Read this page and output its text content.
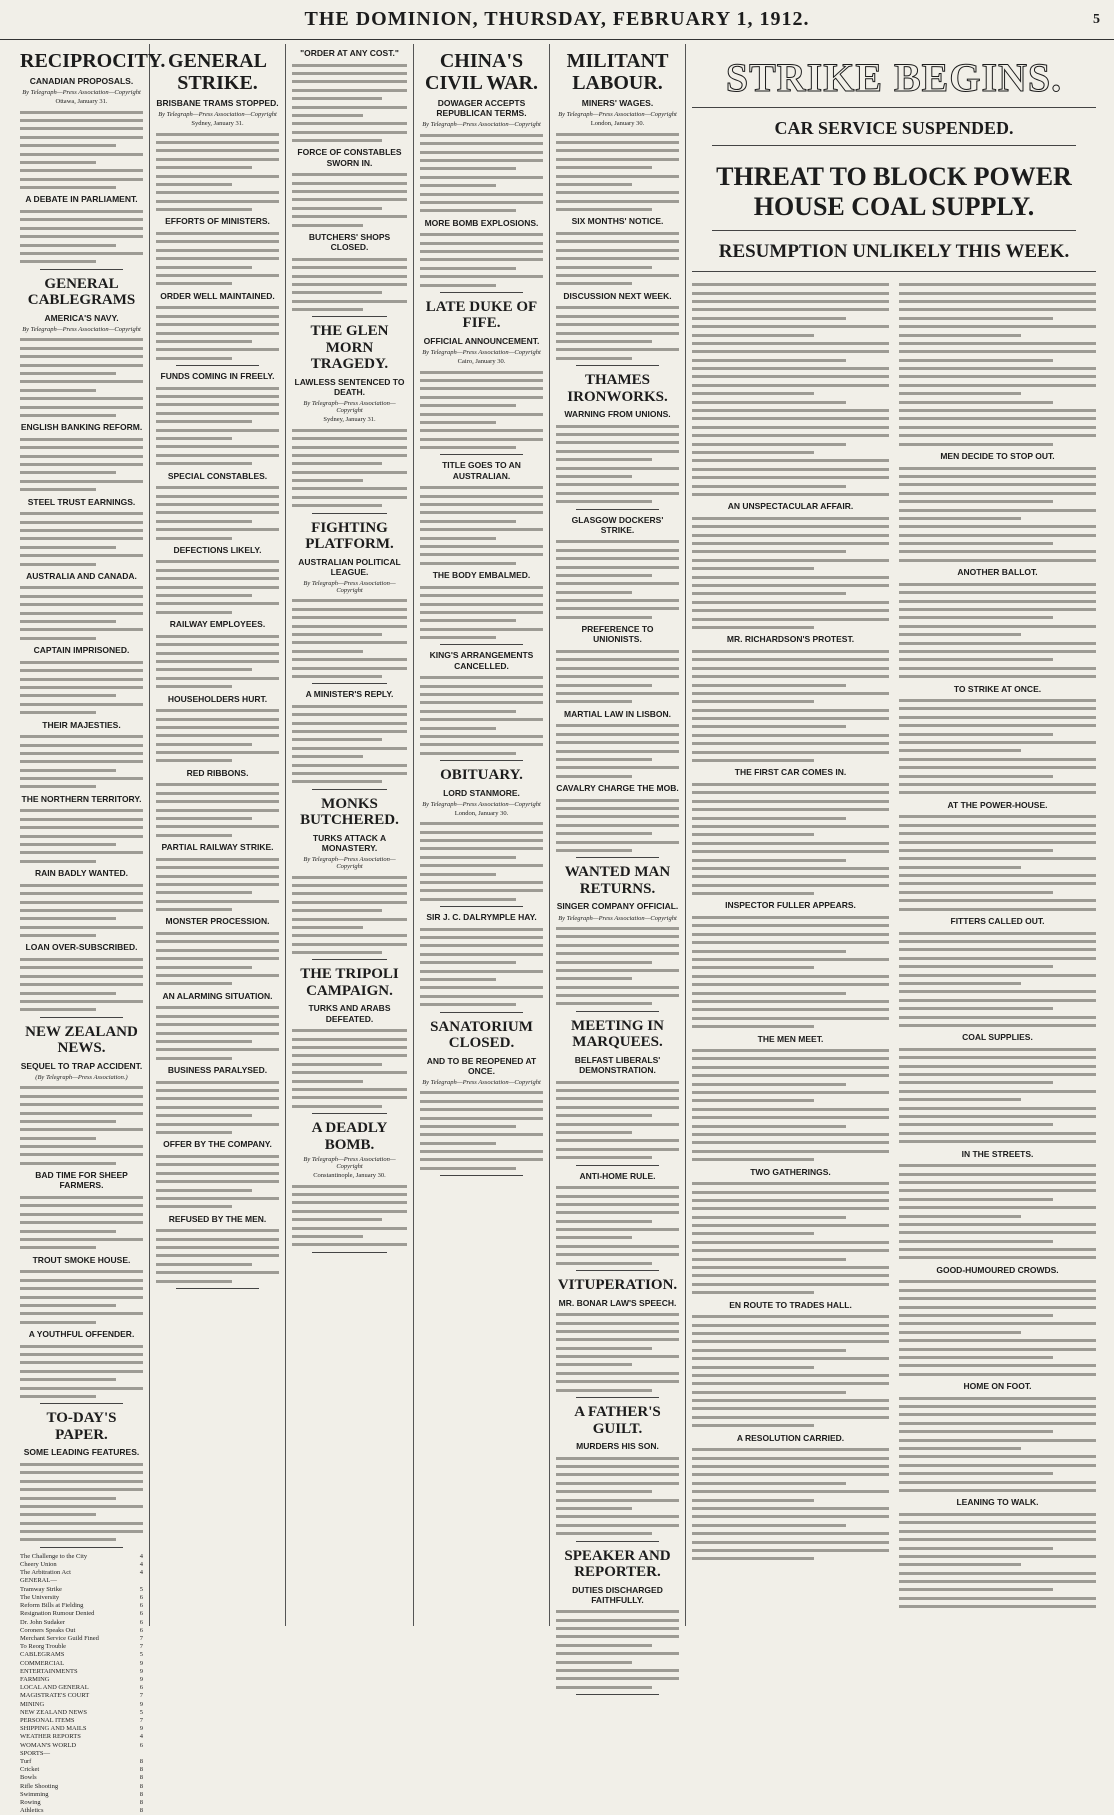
THE DOMINION, THURSDAY, FEBRUARY 1, 1912.	5
RECIPROCITY.
CANADIAN PROPOSALS.
By Telegraph—Press Association—Copyright
Ottawa, January 31.
A DEBATE IN PARLIAMENT.
GENERAL CABLEGRAMS
AMERICA'S NAVY.
By Telegraph—Press Association—Copyright
ENGLISH BANKING REFORM.
STEEL TRUST EARNINGS.
AUSTRALIA AND CANADA.
CAPTAIN IMPRISONED.
THEIR MAJESTIES.
THE NORTHERN TERRITORY.
RAIN BADLY WANTED.
LOAN OVER-SUBSCRIBED.
NEW ZEALAND NEWS.
SEQUEL TO TRAP ACCIDENT.
(By Telegraph—Press Association.)
BAD TIME FOR SHEEP FARMERS.
TROUT SMOKE HOUSE.
A YOUTHFUL OFFENDER.
TO-DAY'S PAPER.
SOME LEADING FEATURES.
The Challenge to the City	4
Cheery Union	4
The Arbitration Act	4
GENERAL—
Tramway Strike	5
The University	6
Reform Bills at Fielding	6
Resignation Rumour Denied	6
Dr. John Sudaker	6
Coroners Speaks Out	6
Merchant Service Guild Fined	7
To Reorg Trouble	7
CABLEGRAMS	5
COMMERCIAL	9
ENTERTAINMENTS	9
FARMING	9
LOCAL AND GENERAL	6
MAGISTRATE'S COURT	7
MINING	9
NEW ZEALAND NEWS	5
PERSONAL ITEMS	7
SHIPPING AND MAILS	9
WEATHER REPORTS	4
WOMAN'S WORLD	6
SPORTS—
Turf	8
Cricket	8
Bowls	8
Rifle Shooting	8
Swimming	8
Rowing	8
Athletics	8
GENERAL STRIKE.
BRISBANE TRAMS STOPPED.
By Telegraph—Press Association—Copyright
Sydney, January 31.
EFFORTS OF MINISTERS.
ORDER WELL MAINTAINED.
FUNDS COMING IN FREELY.
SPECIAL CONSTABLES.
DEFECTIONS LIKELY.
RAILWAY EMPLOYEES.
HOUSEHOLDERS HURT.
RED RIBBONS.
PARTIAL RAILWAY STRIKE.
MONSTER PROCESSION.
AN ALARMING SITUATION.
BUSINESS PARALYSED.
OFFER BY THE COMPANY.
REFUSED BY THE MEN.
"ORDER AT ANY COST."
FORCE OF CONSTABLES SWORN IN.
BUTCHERS' SHOPS CLOSED.
THE GLEN MORN TRAGEDY.
LAWLESS SENTENCED TO DEATH.
By Telegraph—Press Association—Copyright
Sydney, January 31.
FIGHTING PLATFORM.
AUSTRALIAN POLITICAL LEAGUE.
By Telegraph—Press Association—Copyright
A MINISTER'S REPLY.
MONKS BUTCHERED.
TURKS ATTACK A MONASTERY.
By Telegraph—Press Association—Copyright
THE TRIPOLI CAMPAIGN.
TURKS AND ARABS DEFEATED.
A DEADLY BOMB.
By Telegraph—Press Association—Copyright
Constantinople, January 30.
CHINA'S CIVIL WAR.
DOWAGER ACCEPTS REPUBLICAN TERMS.
By Telegraph—Press Association—Copyright
MORE BOMB EXPLOSIONS.
LATE DUKE OF FIFE.
OFFICIAL ANNOUNCEMENT.
By Telegraph—Press Association—Copyright
Cairo, January 30.
TITLE GOES TO AN AUSTRALIAN.
THE BODY EMBALMED.
KING'S ARRANGEMENTS CANCELLED.
OBITUARY.
LORD STANMORE.
By Telegraph—Press Association—Copyright
London, January 30.
SIR J. C. DALRYMPLE HAY.
SANATORIUM CLOSED.
AND TO BE REOPENED AT ONCE.
By Telegraph—Press Association—Copyright
MILITANT LABOUR.
MINERS' WAGES.
By Telegraph—Press Association—Copyright
London, January 30.
SIX MONTHS' NOTICE.
DISCUSSION NEXT WEEK.
THAMES IRONWORKS.
WARNING FROM UNIONS.
GLASGOW DOCKERS' STRIKE.
PREFERENCE TO UNIONISTS.
MARTIAL LAW IN LISBON.
CAVALRY CHARGE THE MOB.
WANTED MAN RETURNS.
SINGER COMPANY OFFICIAL.
By Telegraph—Press Association—Copyright
MEETING IN MARQUEES.
BELFAST LIBERALS' DEMONSTRATION.
ANTI-HOME RULE.
VITUPERATION.
MR. BONAR LAW'S SPEECH.
A FATHER'S GUILT.
MURDERS HIS SON.
SPEAKER AND REPORTER.
DUTIES DISCHARGED FAITHFULLY.
STRIKE BEGINS.
CAR SERVICE SUSPENDED.
THREAT TO BLOCK POWER HOUSE COAL SUPPLY.
RESUMPTION UNLIKELY THIS WEEK.
AN UNSPECTACULAR AFFAIR.
MR. RICHARDSON'S PROTEST.
THE FIRST CAR COMES IN.
INSPECTOR FULLER APPEARS.
THE MEN MEET.
TWO GATHERINGS.
EN ROUTE TO TRADES HALL.
A RESOLUTION CARRIED.
MEN DECIDE TO STOP OUT.
ANOTHER BALLOT.
TO STRIKE AT ONCE.
AT THE POWER-HOUSE.
FITTERS CALLED OUT.
COAL SUPPLIES.
IN THE STREETS.
GOOD-HUMOURED CROWDS.
HOME ON FOOT.
LEANING TO WALK.
